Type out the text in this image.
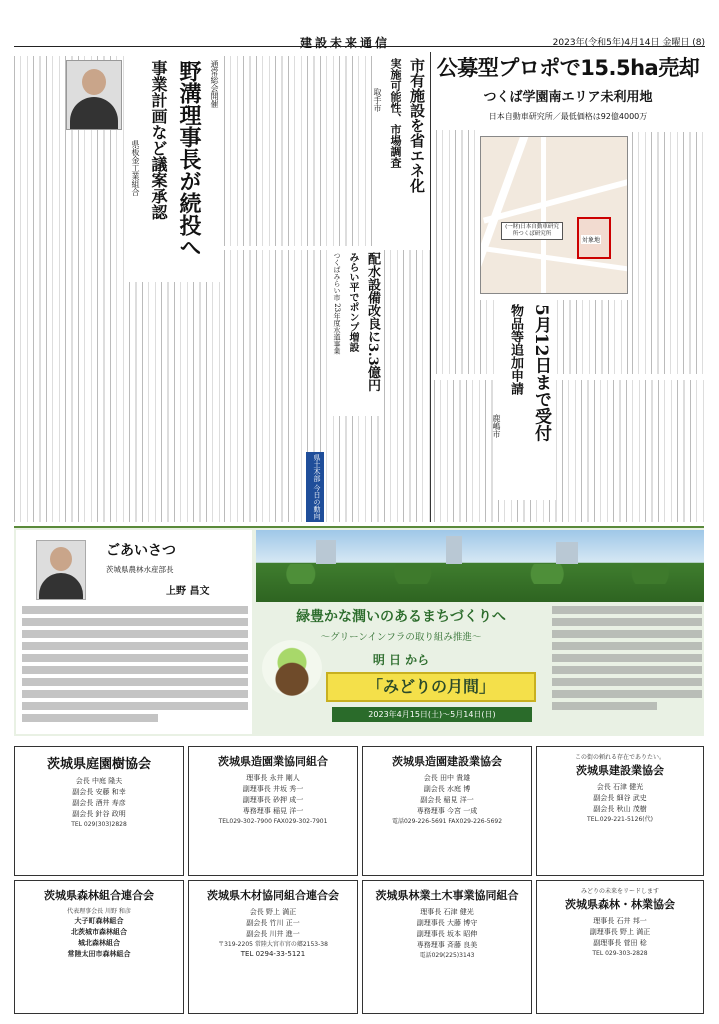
建設未来通信	2023年(令和5年)4月14日 金曜日 (8)
公募型プロポで15.5ha売却
つくば学園南エリア未利用地
日本自動車研究所／最低価格は92億4000万
(一財)日本自動車研究所つくば研究所
対象地
5月12日まで受付
物品等追加申請
鹿嶋市
市有施設を省エネ化
実施可能性、市場調査
取手市
配水設備改良に3.3億円
みらい平でポンプ増設
つくばみらい市 23年度水道事業
県土木部 今日の動向
通常総会開催
野溝理事長が続投へ
事業計画など議案承認
県板金工業組合
ごあいさつ
茨城県農林水産部長
上野 昌文
緑豊かな潤いのあるまちづくりへ
〜グリーンインフラの取り組み推進〜
明 日 から
「みどりの月間」
2023年4月15日(土)〜5月14日(日)
茨城県庭園樹協会
会長 中庭 隆夫
副会長 安藤 和幸
副会長 酒井 寿彦
副会長 針谷 政明
TEL 029(303)2828
茨城県造園業協同組合
理事長 永井 剛人
副理事長 井坂 秀一
副理事長 砂押 成一
専務理事 稲見 洋一
TEL029-302-7900 FAX029-302-7901
茨城県造園建設業協会
会長 田中 貴雄
副会長 水庭 博
副会長 稲見 洋一
専務理事 今宮 一成
電話029-226-5691 FAX029-226-5692
この街の頼れる存在でありたい。
茨城県建設業協会
会長 石津 健光
副会長 細谷 武史
副会長 秋山 茂樹
TEL.029-221-5126(代)
茨城県森林組合連合会
代表理事会長 川野 和彦
大子町森林組合
北茨城市森林組合
城北森林組合
常陸太田市森林組合
茨城県木材協同組合連合会
会長 野上 満正
副会長 竹川 正一
副会長 川井 進一
〒319-2205 常陸大宮市宮の郷2153-38
TEL 0294-33-5121
茨城県林業土木事業協同組合
理事長 石津 健光
副理事長 大藤 博守
副理事長 坂本 昭伸
専務理事 斉藤 良美
電話029(225)3143
みどりの未来をリードします
茨城県森林・林業協会
理事長 石井 邦一
副理事長 野上 満正
副理事長 菅田 稔
TEL 029-303-2828
